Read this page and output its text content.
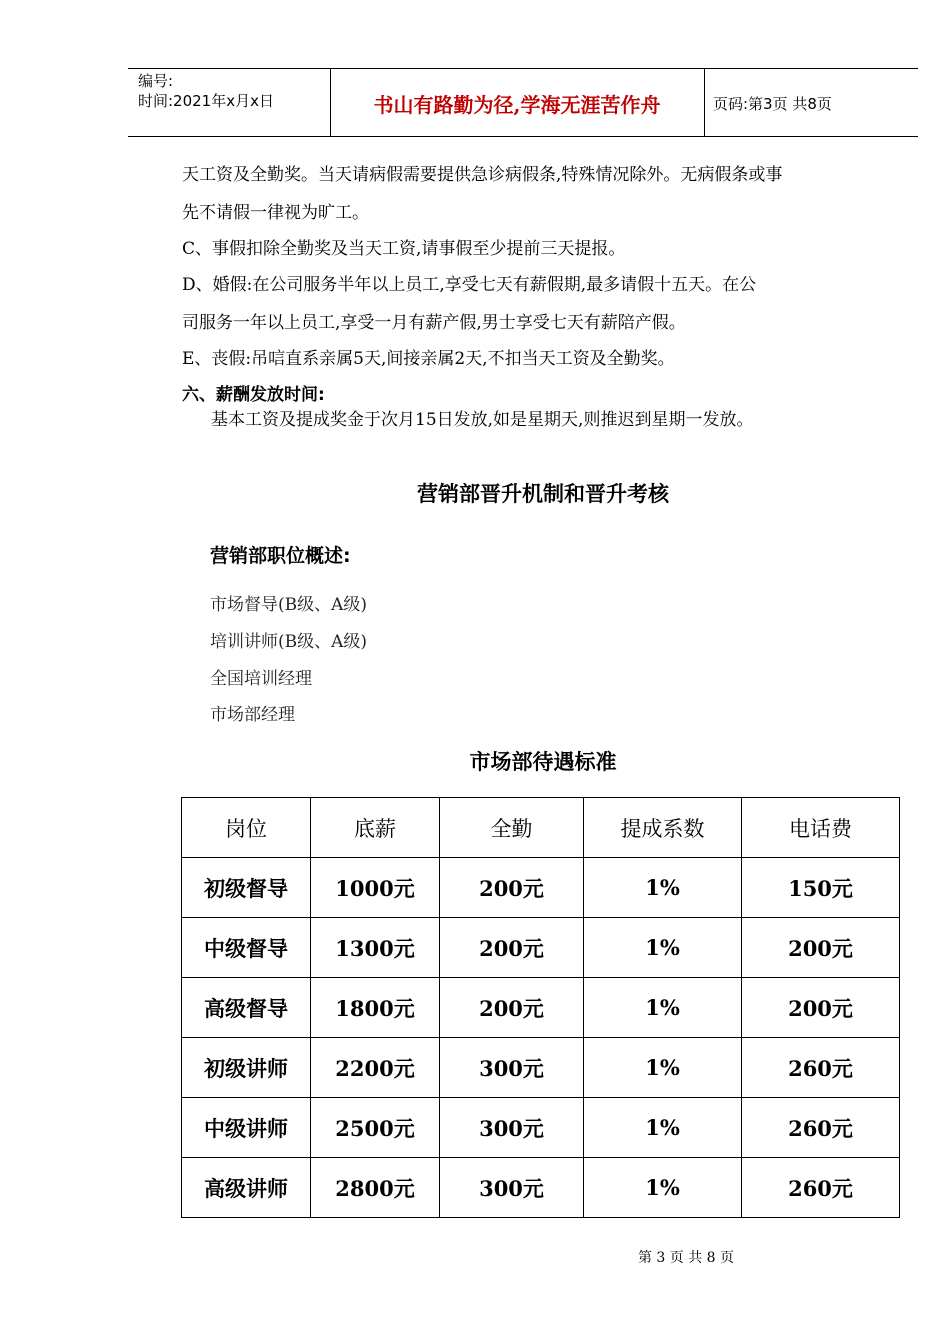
编号:
时间:2021年x月x日	书山有路勤为径,学海无涯苦作舟	页码:第3页 共8页
天工资及全勤奖。当天请病假需要提供急诊病假条,特殊情况除外。无病假条或事
先不请假一律视为旷工。
C、事假扣除全勤奖及当天工资,请事假至少提前三天提报。
D、婚假:在公司服务半年以上员工,享受七天有薪假期,最多请假十五天。在公
司服务一年以上员工,享受一月有薪产假,男士享受七天有薪陪产假。
E、丧假:吊唁直系亲属5天,间接亲属2天,不扣当天工资及全勤奖。
六、薪酬发放时间:
基本工资及提成奖金于次月15日发放,如是星期天,则推迟到星期一发放。
营销部晋升机制和晋升考核
营销部职位概述:
市场督导(B级、A级)
培训讲师(B级、A级)
全国培训经理
市场部经理
市场部待遇标准
岗位	底薪	全勤	提成系数	电话费
初级督导	1000元	200元	1%	150元
中级督导	1300元	200元	1%	200元
高级督导	1800元	200元	1%	200元
初级讲师	2200元	300元	1%	260元
中级讲师	2500元	300元	1%	260元
高级讲师	2800元	300元	1%	260元
第 3 页 共 8 页
